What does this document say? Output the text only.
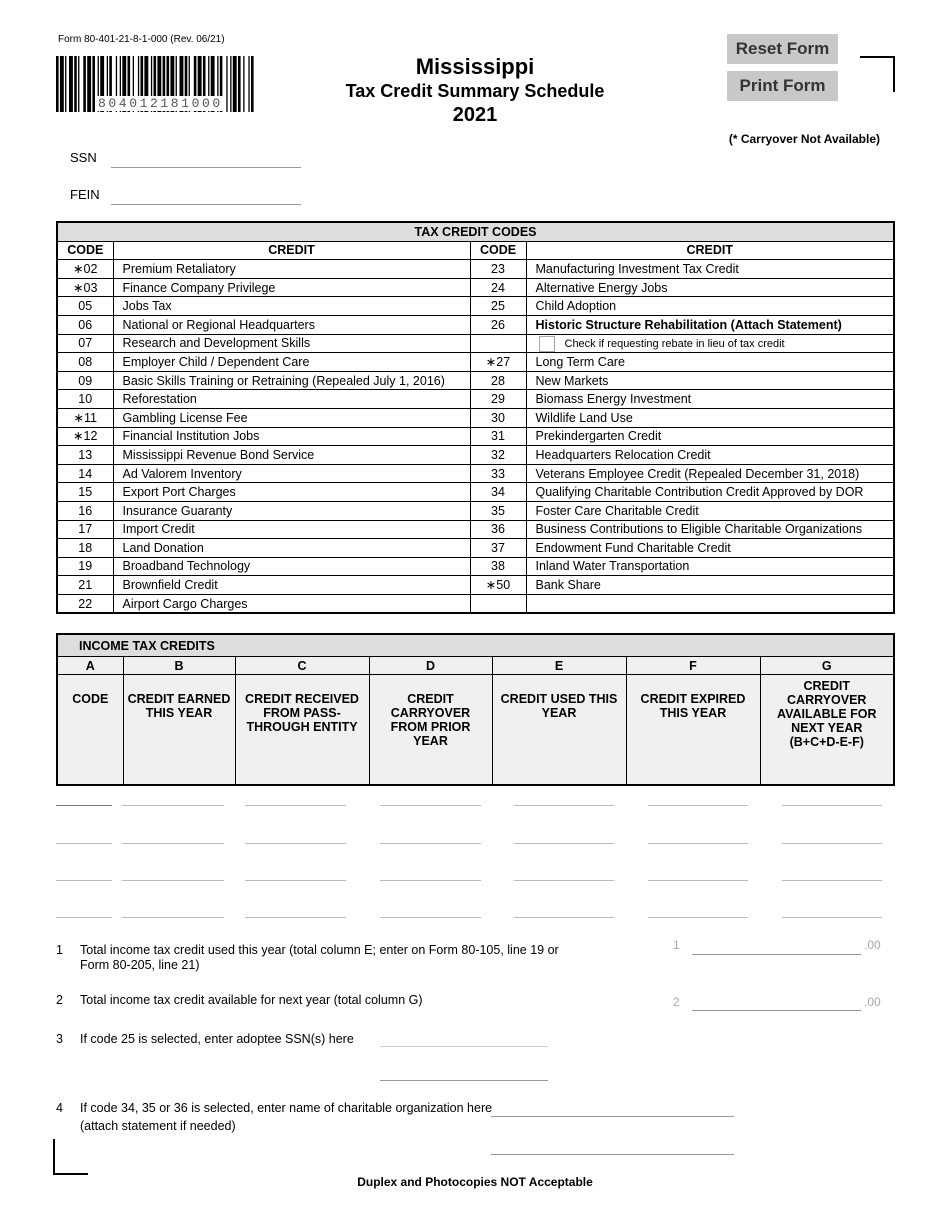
Form 80-401-21-8-1-000 (Rev. 06/21)
804012181000
Mississippi
Tax Credit Summary Schedule
2021
Reset Form
Print Form
(* Carryover Not Available)
SSN
FEIN
TAX CREDIT CODES			
CODE	CREDIT	CODE	CREDIT
∗02	Premium Retaliatory	23	Manufacturing Investment Tax Credit
∗03	Finance Company Privilege	24	Alternative Energy Jobs
05	Jobs Tax	25	Child Adoption
06	National or Regional Headquarters	26	Historic Structure Rehabilitation (Attach Statement)
07	Research and Development Skills		Check if requesting rebate in lieu of tax credit
08	Employer Child / Dependent Care	∗27	Long Term Care
09	Basic Skills Training or Retraining (Repealed July 1, 2016)	28	New Markets
10	Reforestation	29	Biomass Energy Investment
∗11	Gambling License Fee	30	Wildlife Land Use
∗12	Financial Institution Jobs	31	Prekindergarten Credit
13	Mississippi Revenue Bond Service	32	Headquarters Relocation Credit
14	Ad Valorem Inventory	33	Veterans Employee Credit (Repealed December 31, 2018)
15	Export Port Charges	34	Qualifying Charitable Contribution Credit Approved by DOR
16	Insurance Guaranty	35	Foster Care Charitable Credit
17	Import Credit	36	Business Contributions to Eligible Charitable Organizations
18	Land Donation	37	Endowment Fund Charitable Credit
19	Broadband Technology	38	Inland Water Transportation
21	Brownfield Credit	∗50	Bank Share
22	Airport Cargo Charges		
INCOME TAX CREDITS						
A	B	C	D	E	F	G
CODE	CREDIT EARNED THIS YEAR	CREDIT RECEIVED FROM PASS-THROUGH ENTITY	CREDIT CARRYOVER FROM PRIOR YEAR	CREDIT USED THIS YEAR	CREDIT EXPIRED THIS YEAR	CREDIT CARRYOVER AVAILABLE FOR NEXT YEAR (B+C+D-E-F)
1 Total income tax credit used this year (total column E; enter on Form 80-105, line 19 or Form 80-205, line 21)
1	.00
2 Total income tax credit available for next year (total column G)	2	.00
3 If code 25 is selected, enter adoptee SSN(s) here
4 If code 34, 35 or 36 is selected, enter name of charitable organization here
(attach statement if needed)
Duplex and Photocopies NOT Acceptable
